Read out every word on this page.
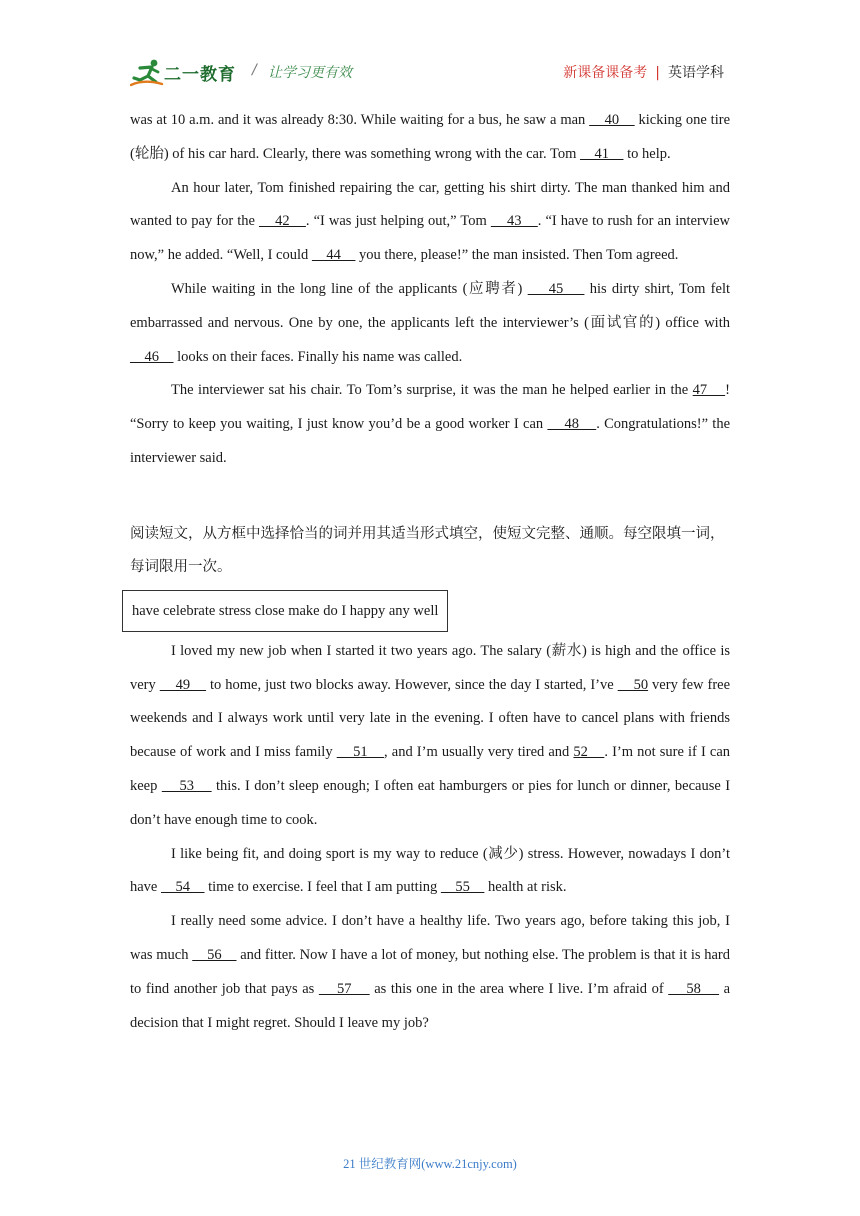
二一教育 / 让学习更有效	新课备课备考 | 英语学科

was at 10 a.m. and it was already 8:30. While waiting for a bus, he saw a man     40     kicking one tire (轮胎) of his car hard. Clearly, there was something wrong with the car. Tom     41     to help.

An hour later, Tom finished repairing the car, getting his shirt dirty. The man thanked him and wanted to pay for the     42    . “I was just helping out,” Tom     43    . “I have to rush for an interview now,” he added. “Well, I could     44     you there, please!” the man insisted. Then Tom agreed.

While waiting in the long line of the applicants (应聘者)     45     his dirty shirt, Tom felt embarrassed and nervous. One by one, the applicants left the interviewer’s (面试官的) office with     46     looks on their faces. Finally his name was called.

The interviewer sat his chair. To Tom’s surprise, it was the man he helped earlier in the 47    ! “Sorry to keep you waiting, I just know you’d be a good worker I can     48    . Congratulations!” the interviewer said.

阅读短文，从方框中选择恰当的词并用其适当形式填空，使短文完整、通顺。每空限填一词，每词限用一次。

have celebrate stress close make do I happy any well

I loved my new job when I started it two years ago. The salary (薪水) is high and the office is very     49     to home, just two blocks away. However, since the day I started, I’ve     50 very few free weekends and I always work until very late in the evening. I often have to cancel plans with friends because of work and I miss family     51    , and I’m usually very tired and 52    . I’m not sure if I can keep     53     this. I don’t sleep enough; I often eat hamburgers or pies for lunch or dinner, because I don’t have enough time to cook.

I like being fit, and doing sport is my way to reduce (减少) stress. However, nowadays I don’t have     54     time to exercise. I feel that I am putting     55     health at risk.

I really need some advice. I don’t have a healthy life. Two years ago, before taking this job, I was much     56     and fitter. Now I have a lot of money, but nothing else. The problem is that it is hard to find another job that pays as     57     as this one in the area where I live. I’m afraid of     58     a decision that I might regret. Should I leave my job?

21 世纪教育网(www.21cnjy.com)
